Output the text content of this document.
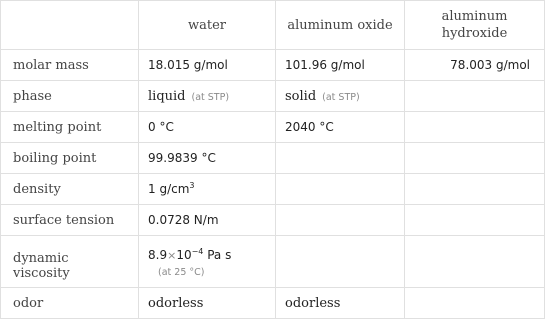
	water	aluminum oxide	aluminum hydroxide
molar mass	18.015 g/mol	101.96 g/mol	78.003 g/mol
phase	liquid (at STP)	solid (at STP)	
melting point	0 °C	2040 °C	
boiling point	99.9839 °C		
density	1 $g/cm^3$		
surface tension	0.0728 N/m		
dynamic viscosity	$8.9\times 10^{-4}$ Pa s
(at 25 °C)		

odor	odorless	odorless	
